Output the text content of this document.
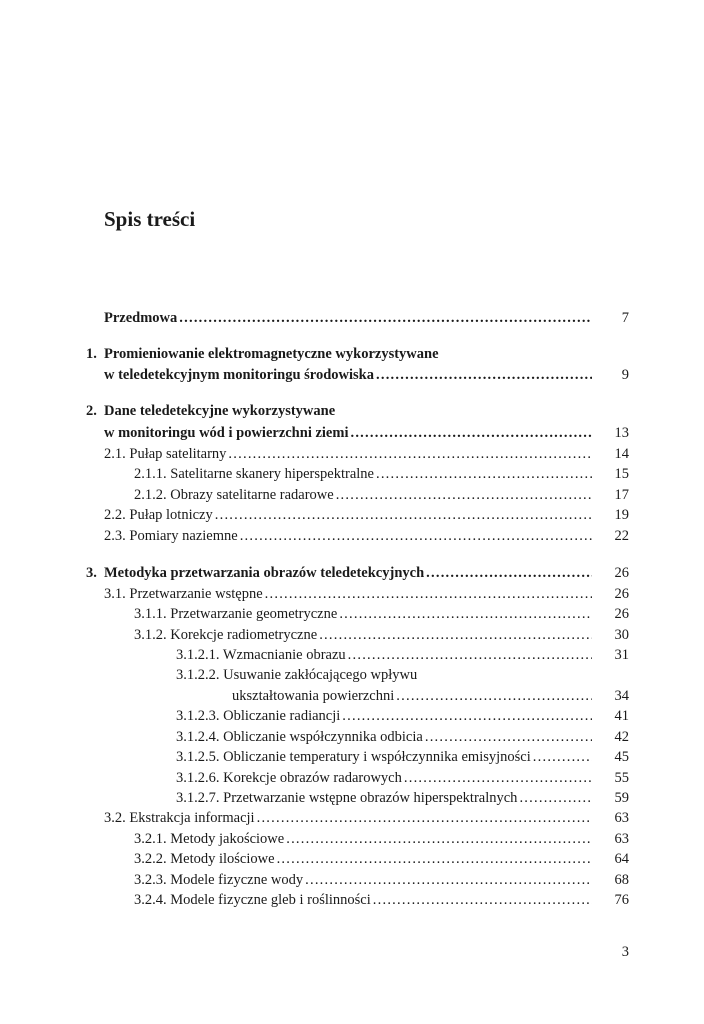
Spis treści
Przedmowa . . .	7
1. Promieniowanie elektromagnetyczne wykorzystywane
w teledetekcyjnym monitoringu środowiska . . .	9
2. Dane teledetekcyjne wykorzystywane
w monitoringu wód i powierzchni ziemi . . .	13
2.1. Pułap satelitarny . . .	14
2.1.1. Satelitarne skanery hiperspektralne . . .	15
2.1.2. Obrazy satelitarne radarowe . . .	17
2.2. Pułap lotniczy . . .	19
2.3. Pomiary naziemne . . .	22
3. Metodyka przetwarzania obrazów teledetekcyjnych . . .	26
3.1. Przetwarzanie wstępne . . .	26
3.1.1. Przetwarzanie geometryczne . . .	26
3.1.2. Korekcje radiometryczne . . .	30
3.1.2.1. Wzmacnianie obrazu . . .	31
3.1.2.2. Usuwanie zakłócającego wpływu
ukształtowania powierzchni . . .	34
3.1.2.3. Obliczanie radiancji . . .	41
3.1.2.4. Obliczanie współczynnika odbicia . . .	42
3.1.2.5. Obliczanie temperatury i współczynnika emisyjności . . .	45
3.1.2.6. Korekcje obrazów radarowych . . .	55
3.1.2.7. Przetwarzanie wstępne obrazów hiperspektralnych . . .	59
3.2. Ekstrakcja informacji . . .	63
3.2.1. Metody jakościowe . . .	63
3.2.2. Metody ilościowe . . .	64
3.2.3. Modele fizyczne wody . . .	68
3.2.4. Modele fizyczne gleb i roślinności . . .	76
3
